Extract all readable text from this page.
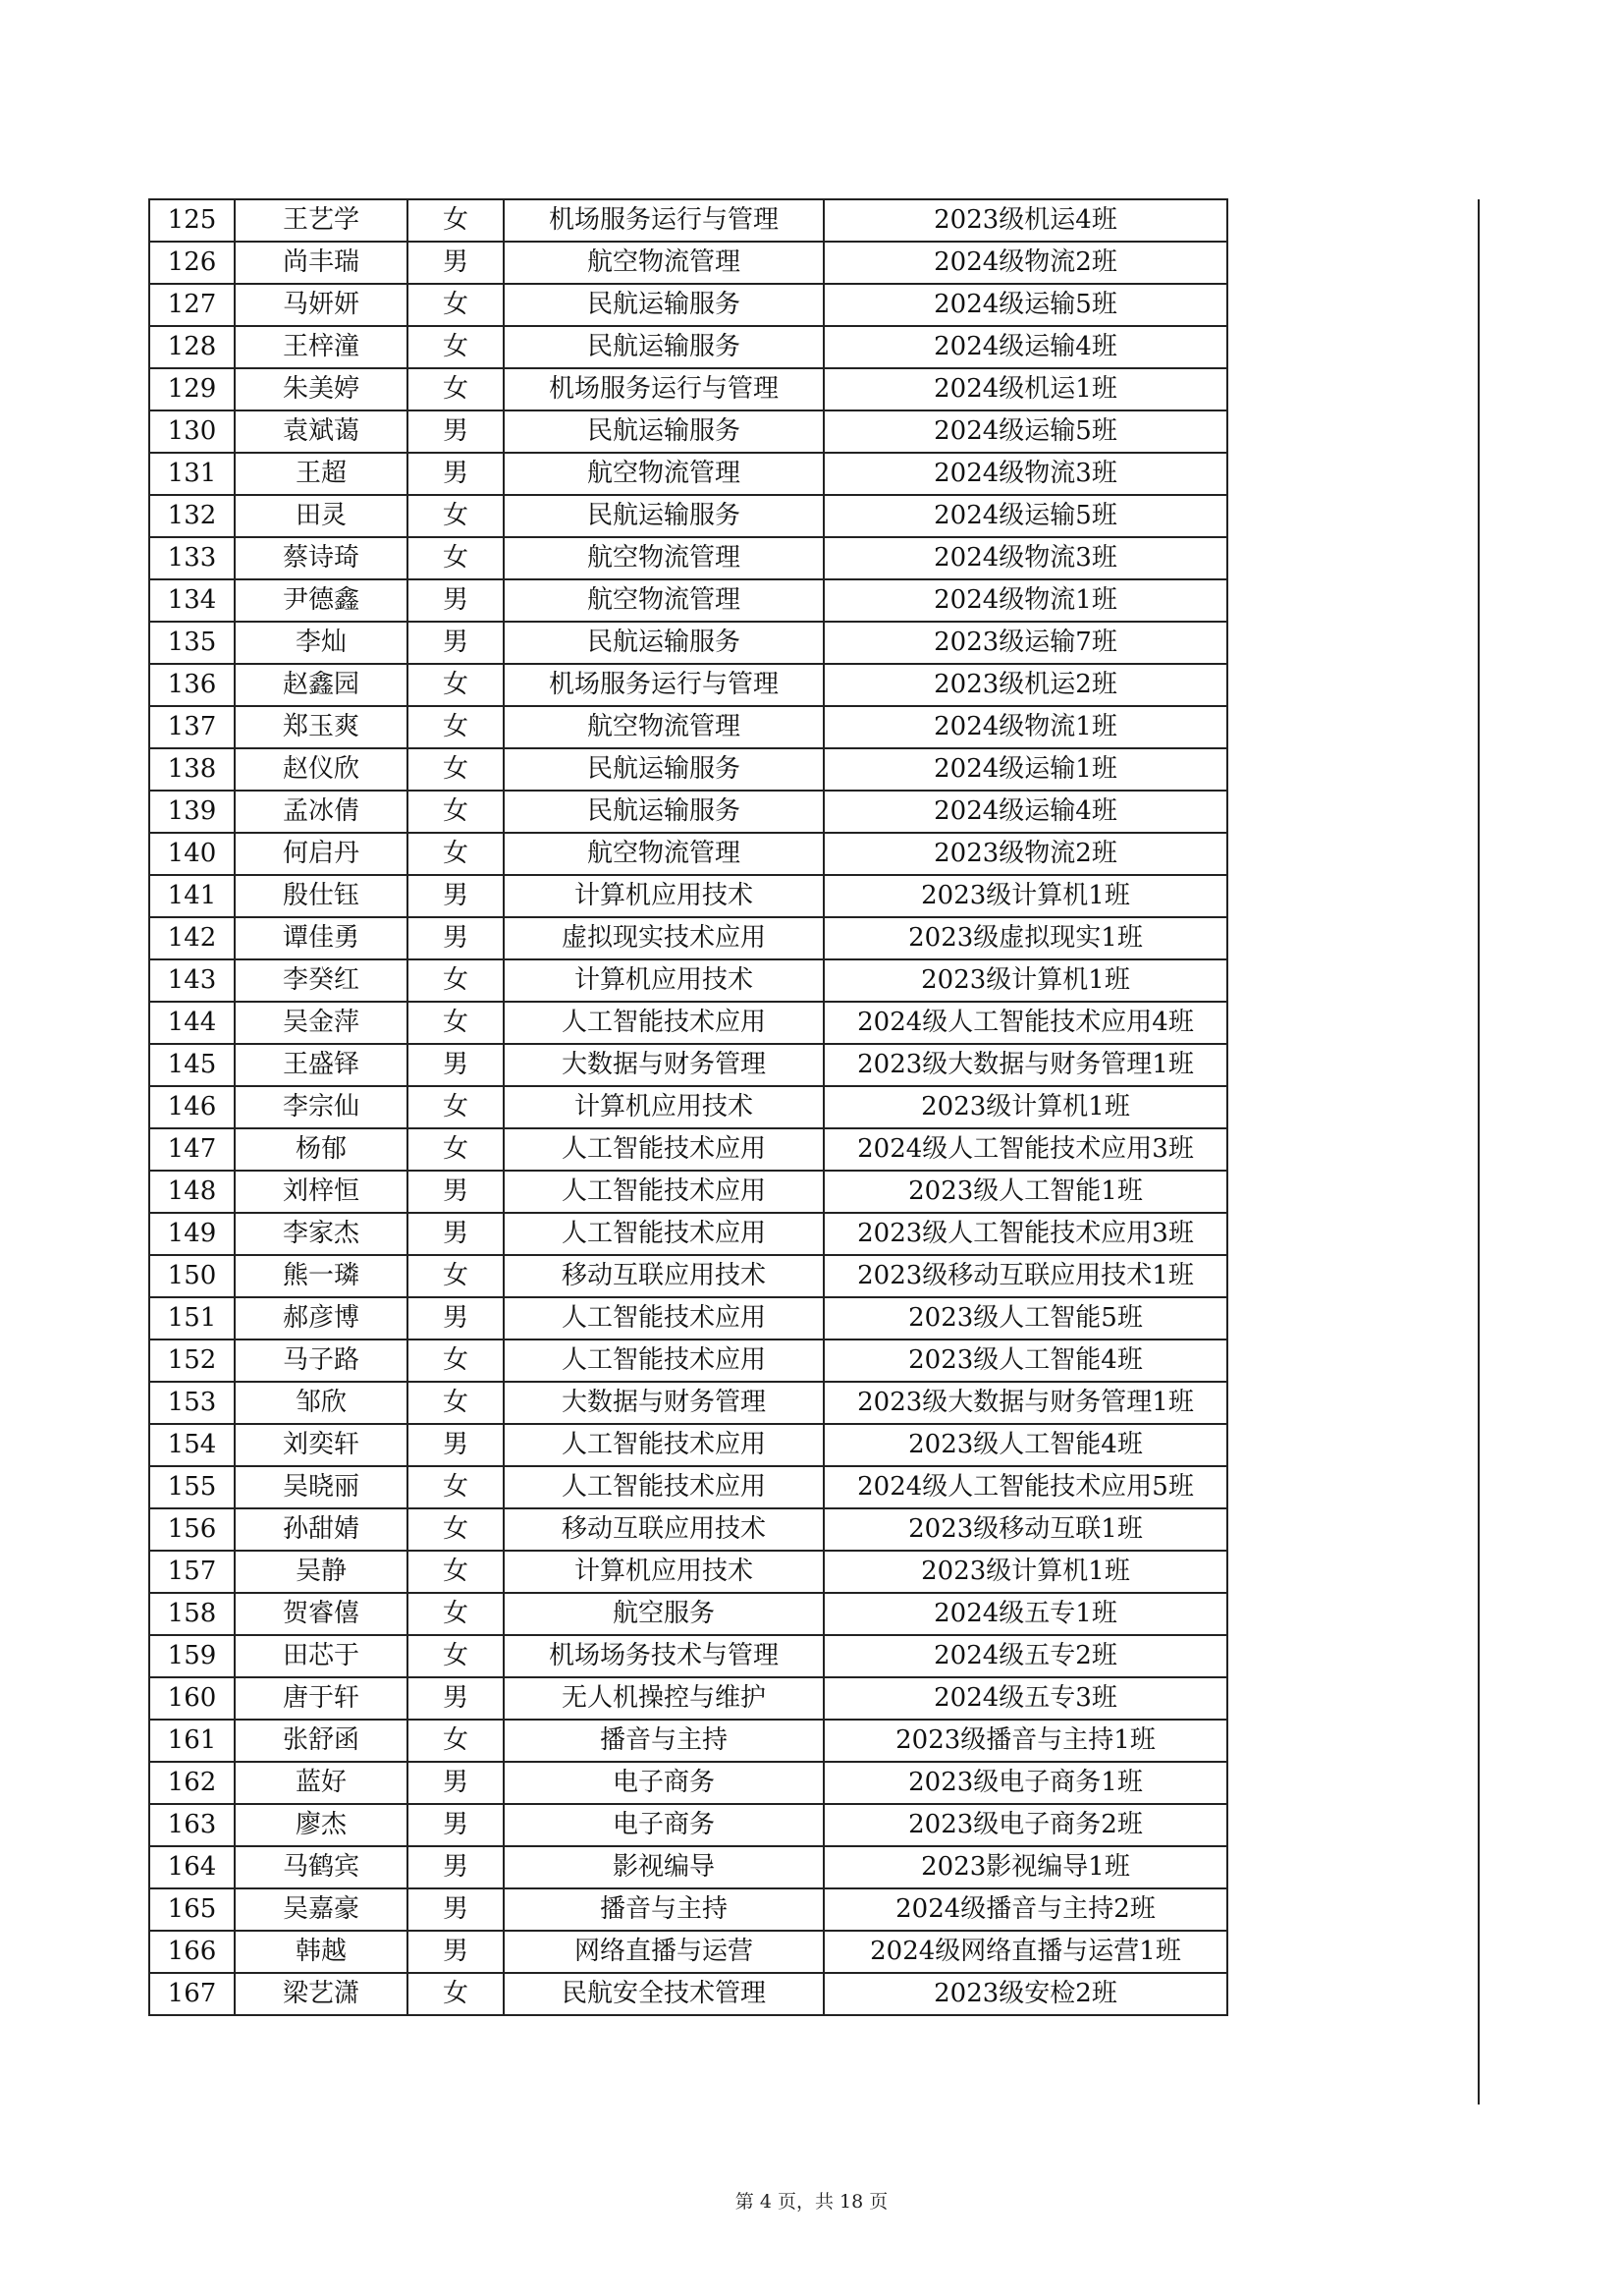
125	王艺学	女	机场服务运行与管理	2023级机运4班
126	尚丰瑞	男	航空物流管理	2024级物流2班
127	马妍妍	女	民航运输服务	2024级运输5班
128	王梓潼	女	民航运输服务	2024级运输4班
129	朱美婷	女	机场服务运行与管理	2024级机运1班
130	袁斌蔼	男	民航运输服务	2024级运输5班
131	王超	男	航空物流管理	2024级物流3班
132	田灵	女	民航运输服务	2024级运输5班
133	蔡诗琦	女	航空物流管理	2024级物流3班
134	尹德鑫	男	航空物流管理	2024级物流1班
135	李灿	男	民航运输服务	2023级运输7班
136	赵鑫园	女	机场服务运行与管理	2023级机运2班
137	郑玉爽	女	航空物流管理	2024级物流1班
138	赵仪欣	女	民航运输服务	2024级运输1班
139	孟冰倩	女	民航运输服务	2024级运输4班
140	何启丹	女	航空物流管理	2023级物流2班
141	殷仕钰	男	计算机应用技术	2023级计算机1班
142	谭佳勇	男	虚拟现实技术应用	2023级虚拟现实1班
143	李癸红	女	计算机应用技术	2023级计算机1班
144	吴金萍	女	人工智能技术应用	2024级人工智能技术应用4班
145	王盛铎	男	大数据与财务管理	2023级大数据与财务管理1班
146	李宗仙	女	计算机应用技术	2023级计算机1班
147	杨郁	女	人工智能技术应用	2024级人工智能技术应用3班
148	刘梓恒	男	人工智能技术应用	2023级人工智能1班
149	李家杰	男	人工智能技术应用	2023级人工智能技术应用3班
150	熊一璘	女	移动互联应用技术	2023级移动互联应用技术1班
151	郝彦博	男	人工智能技术应用	2023级人工智能5班
152	马子路	女	人工智能技术应用	2023级人工智能4班
153	邹欣	女	大数据与财务管理	2023级大数据与财务管理1班
154	刘奕轩	男	人工智能技术应用	2023级人工智能4班
155	吴晓丽	女	人工智能技术应用	2024级人工智能技术应用5班
156	孙甜婧	女	移动互联应用技术	2023级移动互联1班
157	吴静	女	计算机应用技术	2023级计算机1班
158	贺睿僖	女	航空服务	2024级五专1班
159	田芯于	女	机场场务技术与管理	2024级五专2班
160	唐于轩	男	无人机操控与维护	2024级五专3班
161	张舒函	女	播音与主持	2023级播音与主持1班
162	蓝好	男	电子商务	2023级电子商务1班
163	廖杰	男	电子商务	2023级电子商务2班
164	马鹤宾	男	影视编导	2023影视编导1班
165	吴嘉豪	男	播音与主持	2024级播音与主持2班
166	韩越	男	网络直播与运营	2024级网络直播与运营1班
167	梁艺潇	女	民航安全技术管理	2023级安检2班
第 4 页，共 18 页
